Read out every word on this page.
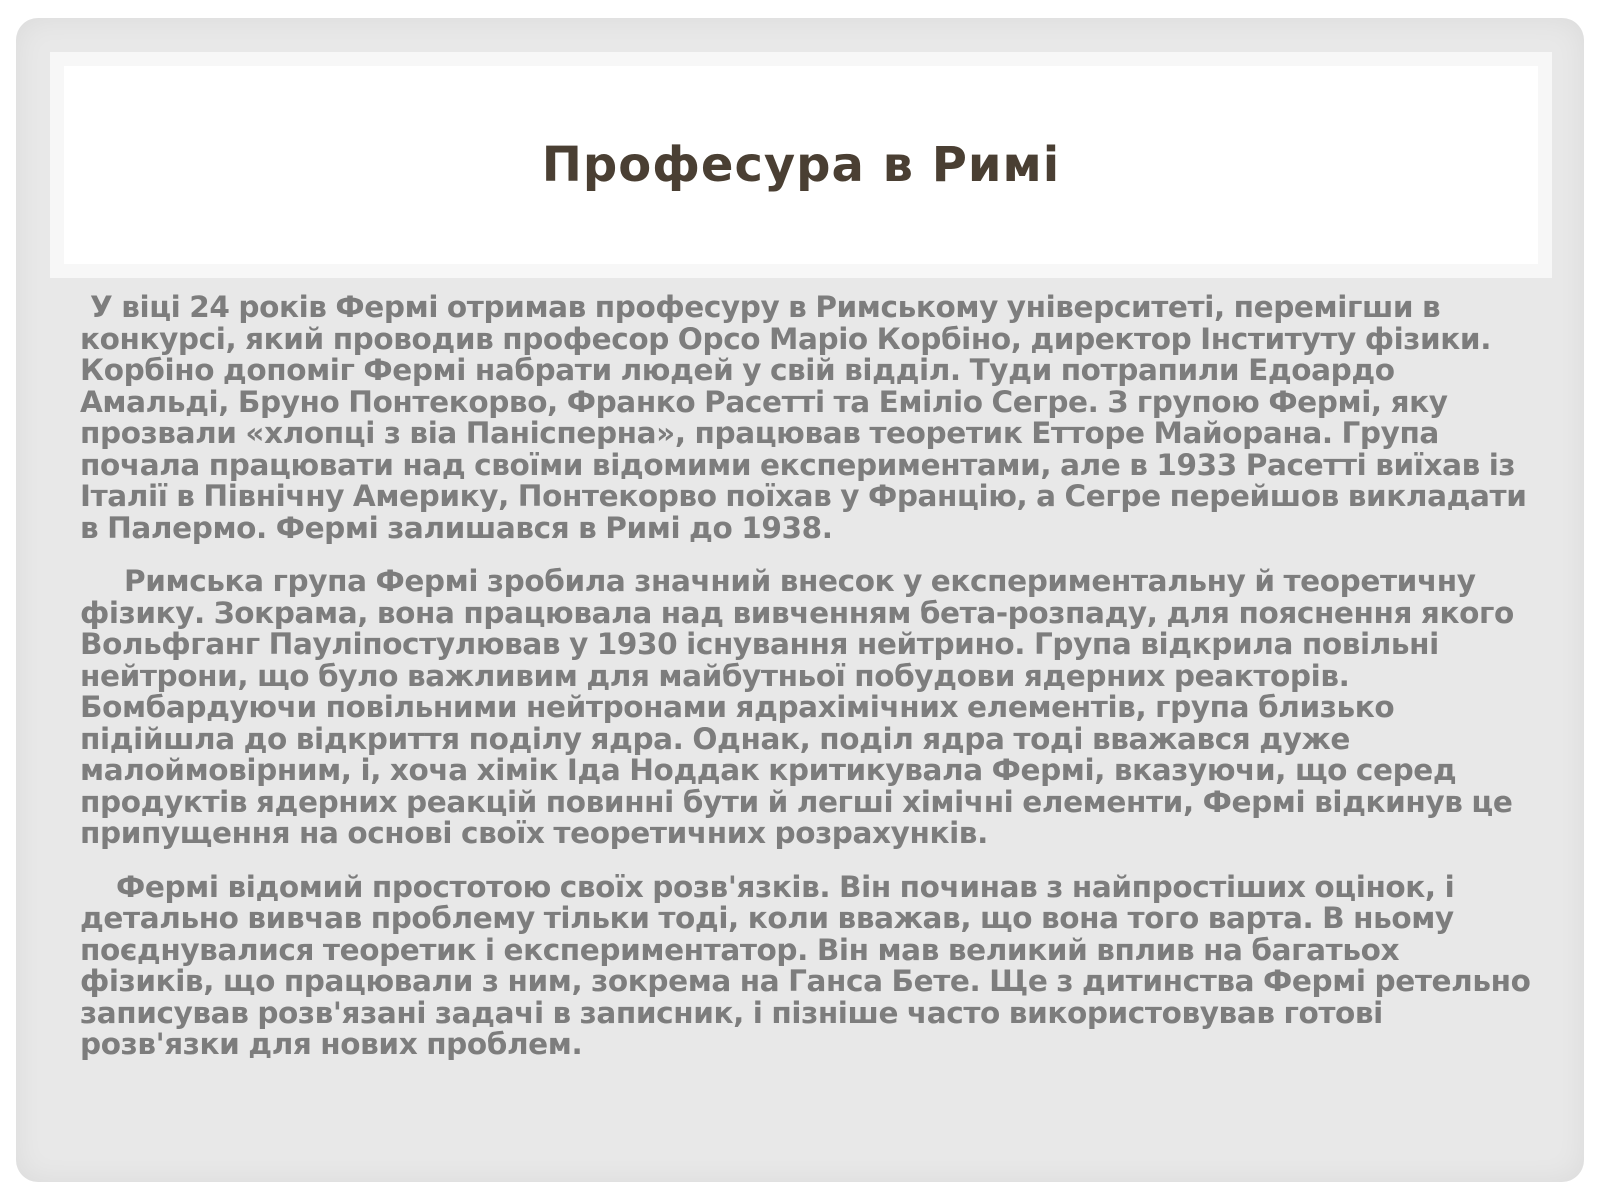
Професура в Римі

У віці 24 років Фермі отримав професуру в Римському університеті, перемігши в конкурсі, який проводив професор Орсо Маріо Корбіно, директор Інституту фізики. Корбіно допоміг Фермі набрати людей у свій відділ. Туди потрапили Едоардо Амальді, Бруно Понтекорво, Франко Расетті та Еміліо Сегре. З групою Фермі, яку прозвали «хлопці з віа Паніспeрна», працював теоретик Етторе Майорана. Група почала працювати над своїми відомими експериментами, але в 1933 Расетті виїхав із Італії в Північну Америку, Понтекорво поїхав у Францію, а Сегре перейшов викладати в Палермо. Фермі залишався в Римі до 1938.

Римська група Фермі зробила значний внесок у експериментальну й теоретичну фізику. Зокрама, вона працювала над вивченням бета-розпаду, для пояснення якого Вольфганг Пауліпостулював у 1930 існування нейтрино. Група відкрила повільні нейтрони, що було важливим для майбутньої побудови ядерних реакторів. Бомбардуючи повільними нейтронами ядрахімічних елементів, група близько підійшла до відкриття поділу ядра. Однак, поділ ядра тоді вважався дуже малоймовірним, і, хоча хімік Іда Ноддак критикувала Фермі, вказуючи, що серед продуктів ядерних реакцій повинні бути й легші хімічні елементи, Фермі відкинув це припущення на основі своїх теоретичних розрахунків.

Фермі відомий простотою своїх розв'язків. Він починав з найпростіших оцінок, і детально вивчав проблему тільки тоді, коли вважав, що вона того варта. В ньому поєднувалися теоретик і експериментатор. Він мав великий вплив на багатьох фізиків, що працювали з ним, зокрема на Ганса Бете. Ще з дитинства Фермі ретельно записував розв'язані задачі в записник, і пізніше часто використовував готові розв'язки для нових проблем.
